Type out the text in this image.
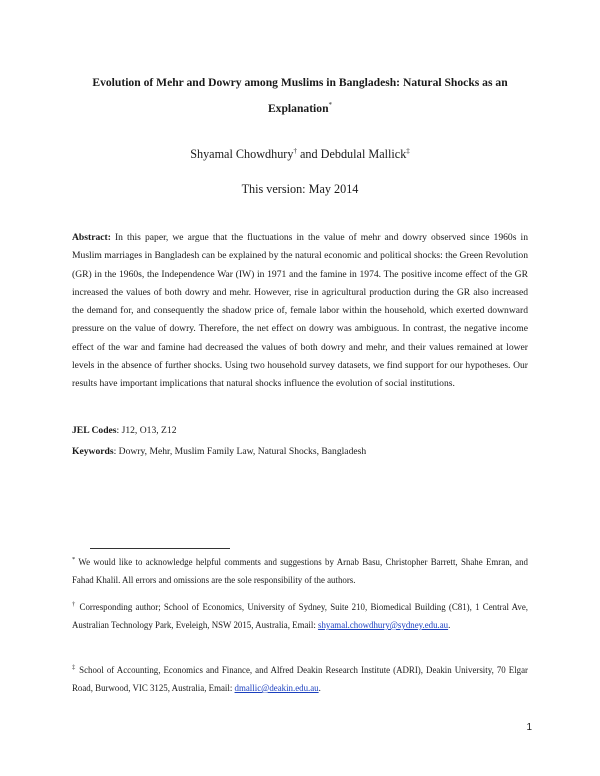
Evolution of Mehr and Dowry among Muslims in Bangladesh: Natural Shocks as an Explanation*
Shyamal Chowdhury† and Debdulal Mallick‡
This version: May 2014
Abstract: In this paper, we argue that the fluctuations in the value of mehr and dowry observed since 1960s in Muslim marriages in Bangladesh can be explained by the natural economic and political shocks: the Green Revolution (GR) in the 1960s, the Independence War (IW) in 1971 and the famine in 1974. The positive income effect of the GR increased the values of both dowry and mehr. However, rise in agricultural production during the GR also increased the demand for, and consequently the shadow price of, female labor within the household, which exerted downward pressure on the value of dowry. Therefore, the net effect on dowry was ambiguous. In contrast, the negative income effect of the war and famine had decreased the values of both dowry and mehr, and their values remained at lower levels in the absence of further shocks. Using two household survey datasets, we find support for our hypotheses. Our results have important implications that natural shocks influence the evolution of social institutions.
JEL Codes: J12, O13, Z12
Keywords: Dowry, Mehr, Muslim Family Law, Natural Shocks, Bangladesh
* We would like to acknowledge helpful comments and suggestions by Arnab Basu, Christopher Barrett, Shahe Emran, and Fahad Khalil. All errors and omissions are the sole responsibility of the authors.
† Corresponding author; School of Economics, University of Sydney, Suite 210, Biomedical Building (C81), 1 Central Ave, Australian Technology Park, Eveleigh, NSW 2015, Australia, Email: shyamal.chowdhury@sydney.edu.au.
‡ School of Accounting, Economics and Finance, and Alfred Deakin Research Institute (ADRI), Deakin University, 70 Elgar Road, Burwood, VIC 3125, Australia, Email: dmallic@deakin.edu.au.
1
